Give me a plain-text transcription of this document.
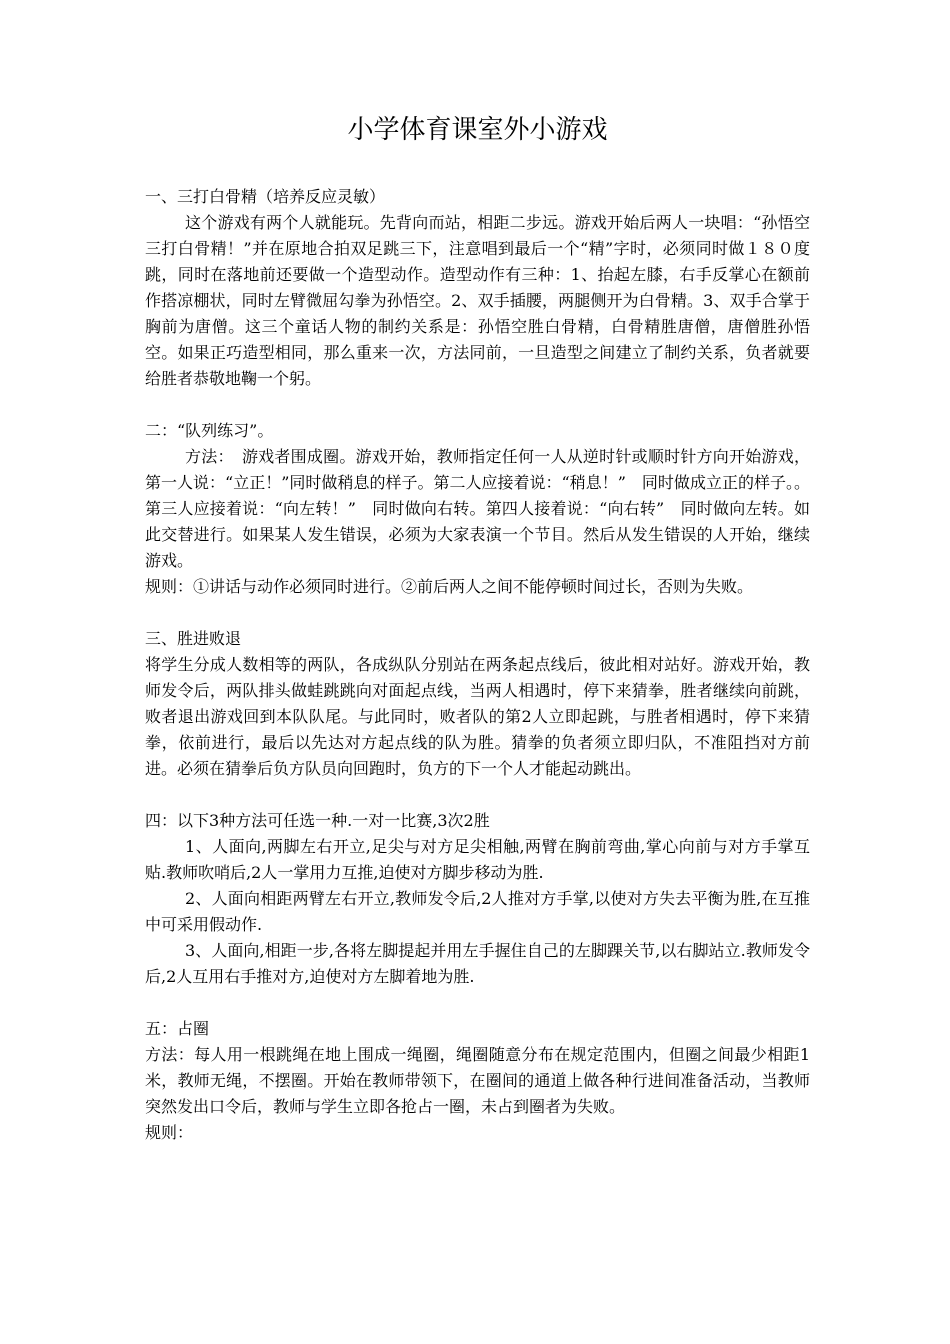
小学体育课室外小游戏

一、三打白骨精（培养反应灵敏）

这个游戏有两个人就能玩。先背向而站，相距二步远。游戏开始后两人一块唱：“孙悟空三打白骨精！”并在原地合拍双足跳三下，注意唱到最后一个“精”字时，必须同时做１８０度跳，同时在落地前还要做一个造型动作。造型动作有三种：1、抬起左膝，右手反掌心在额前作搭凉棚状，同时左臂微屈勾拳为孙悟空。2、双手插腰，两腿侧开为白骨精。3、双手合掌于胸前为唐僧。这三个童话人物的制约关系是：孙悟空胜白骨精，白骨精胜唐僧，唐僧胜孙悟空。如果正巧造型相同，那么重来一次，方法同前，一旦造型之间建立了制约关系，负者就要给胜者恭敬地鞠一个躬。

二：“队列练习”。

方法：　游戏者围成圈。游戏开始，教师指定任何一人从逆时针或顺时针方向开始游戏，第一人说：“立正！”同时做稍息的样子。第二人应接着说：“稍息！”　同时做成立正的样子。。第三人应接着说：“向左转！”　同时做向右转。第四人接着说：“向右转”　同时做向左转。如此交替进行。如果某人发生错误，必须为大家表演一个节目。然后从发生错误的人开始，继续游戏。

规则：①讲话与动作必须同时进行。②前后两人之间不能停顿时间过长，否则为失败。

三、胜进败退

将学生分成人数相等的两队，各成纵队分别站在两条起点线后，彼此相对站好。游戏开始，教师发令后，两队排头做蛙跳跳向对面起点线，当两人相遇时，停下来猜拳，胜者继续向前跳，败者退出游戏回到本队队尾。与此同时，败者队的第2人立即起跳，与胜者相遇时，停下来猜拳，依前进行，最后以先达对方起点线的队为胜。猜拳的负者须立即归队，不准阻挡对方前进。必须在猜拳后负方队员向回跑时，负方的下一个人才能起动跳出。

四：以下3种方法可任选一种.一对一比赛,3次2胜

1、人面向,两脚左右开立,足尖与对方足尖相触,两臂在胸前弯曲,掌心向前与对方手掌互贴.教师吹哨后,2人一掌用力互推,迫使对方脚步移动为胜.

2、人面向相距两臂左右开立,教师发令后,2人推对方手掌,以使对方失去平衡为胜,在互推中可采用假动作.

3、人面向,相距一步,各将左脚提起并用左手握住自己的左脚踝关节,以右脚站立.教师发令后,2人互用右手推对方,迫使对方左脚着地为胜.

五：占圈

方法：每人用一根跳绳在地上围成一绳圈，绳圈随意分布在规定范围内，但圈之间最少相距1米，教师无绳，不摆圈。开始在教师带领下，在圈间的通道上做各种行进间准备活动，当教师突然发出口令后，教师与学生立即各抢占一圈，未占到圈者为失败。

规则：
